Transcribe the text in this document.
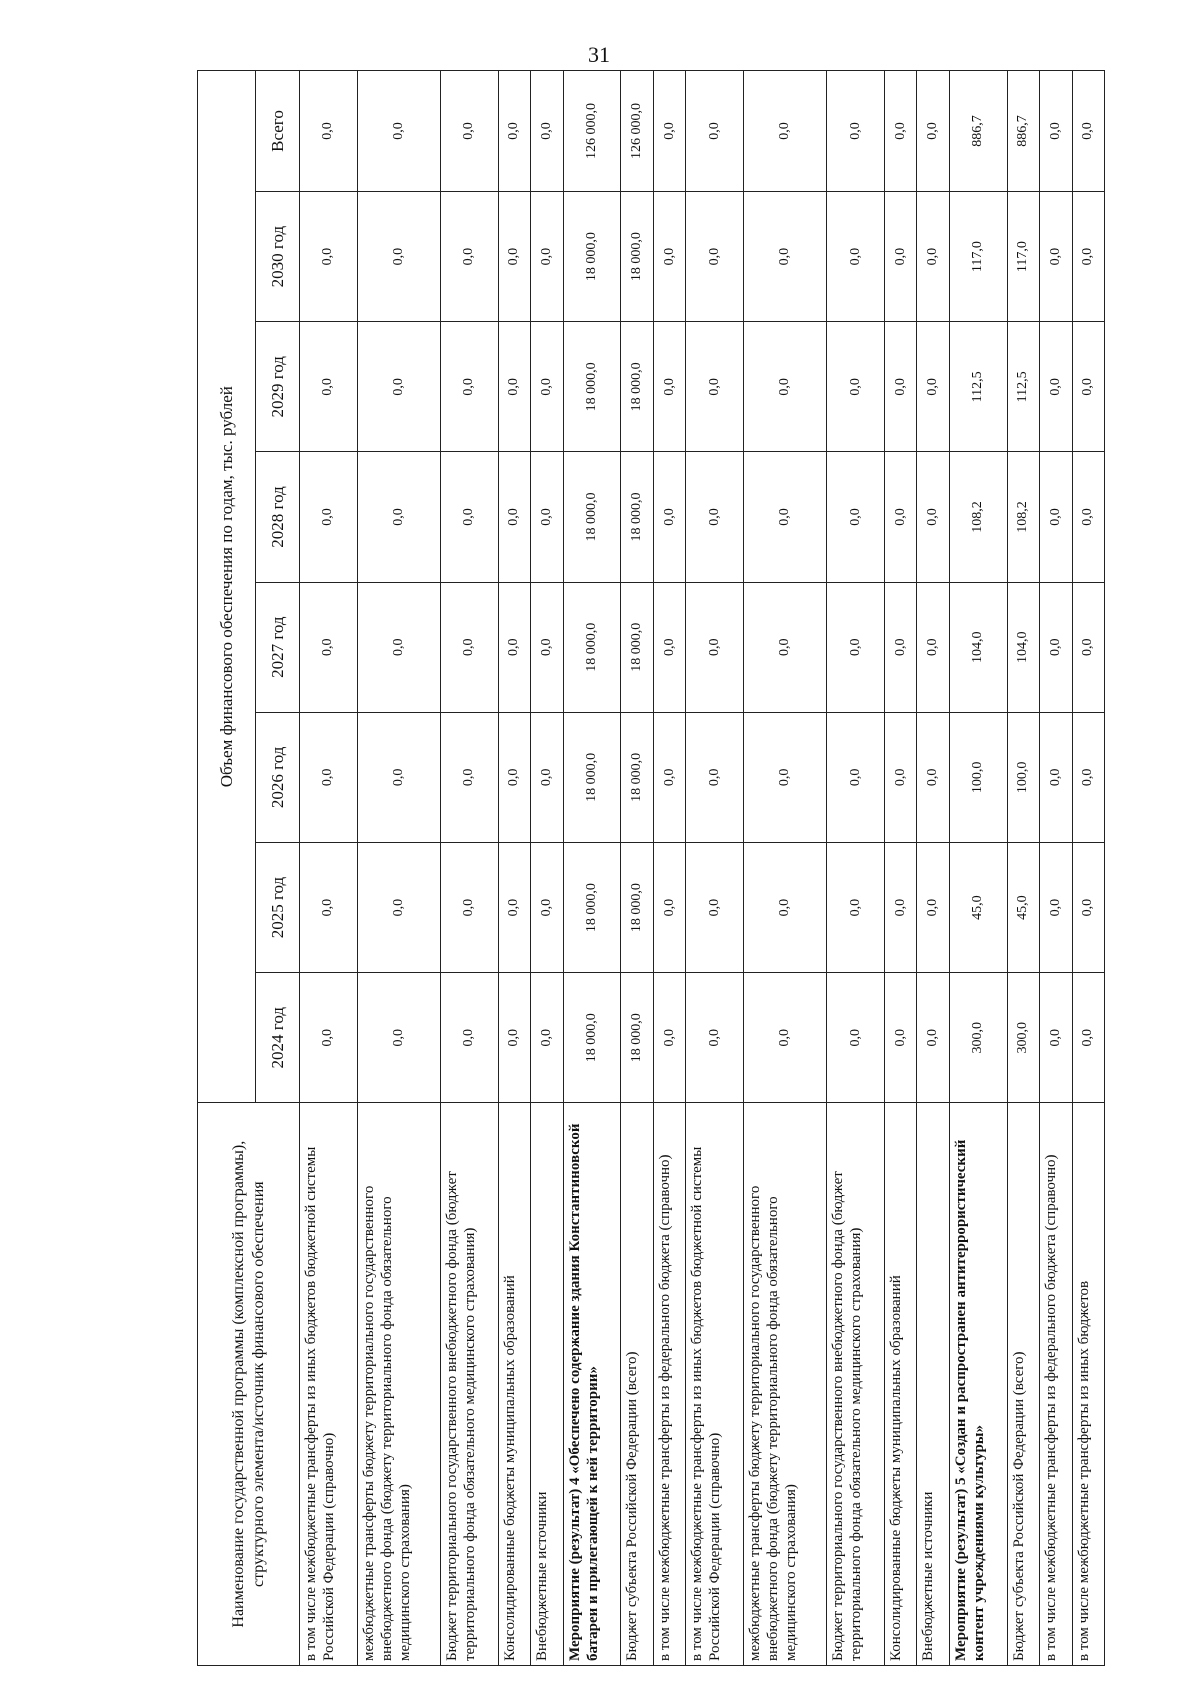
31
Наименование государственной программы (комплексной программы), структурного элемента/источник финансового обеспечения	Объем финансового обеспечения по годам, тыс. рублей							
	2024 год	2025 год	2026 год	2027 год	2028 год	2029 год	2030 год	Всего
в том числе межбюджетные трансферты из иных бюджетов бюджетной системы Российской Федерации (справочно)	0,0	0,0	0,0	0,0	0,0	0,0	0,0	0,0
межбюджетные трансферты бюджету территориального государственного внебюджетного фонда (бюджету территориального фонда обязательного медицинского страхования)	0,0	0,0	0,0	0,0	0,0	0,0	0,0	0,0
Бюджет территориального государственного внебюджетного фонда (бюджет территориального фонда обязательного медицинского страхования)	0,0	0,0	0,0	0,0	0,0	0,0	0,0	0,0
Консолидированные бюджеты муниципальных образований	0,0	0,0	0,0	0,0	0,0	0,0	0,0	0,0
Внебюджетные источники	0,0	0,0	0,0	0,0	0,0	0,0	0,0	0,0
Мероприятие (результат) 4 «Обеспечено содержание здания Константиновской батареи и прилегающей к ней территории»	18 000,0	18 000,0	18 000,0	18 000,0	18 000,0	18 000,0	18 000,0	126 000,0
Бюджет субъекта Российской Федерации (всего)	18 000,0	18 000,0	18 000,0	18 000,0	18 000,0	18 000,0	18 000,0	126 000,0
в том числе межбюджетные трансферты из федерального бюджета (справочно)	0,0	0,0	0,0	0,0	0,0	0,0	0,0	0,0
в том числе межбюджетные трансферты из иных бюджетов бюджетной системы Российской Федерации (справочно)	0,0	0,0	0,0	0,0	0,0	0,0	0,0	0,0
межбюджетные трансферты бюджету территориального государственного внебюджетного фонда (бюджету территориального фонда обязательного медицинского страхования)	0,0	0,0	0,0	0,0	0,0	0,0	0,0	0,0
Бюджет территориального государственного внебюджетного фонда (бюджет территориального фонда обязательного медицинского страхования)	0,0	0,0	0,0	0,0	0,0	0,0	0,0	0,0
Консолидированные бюджеты муниципальных образований	0,0	0,0	0,0	0,0	0,0	0,0	0,0	0,0
Внебюджетные источники	0,0	0,0	0,0	0,0	0,0	0,0	0,0	0,0
Мероприятие (результат) 5 «Создан и распространен антитеррористический контент учреждениями культуры»	300,0	45,0	100,0	104,0	108,2	112,5	117,0	886,7
Бюджет субъекта Российской Федерации (всего)	300,0	45,0	100,0	104,0	108,2	112,5	117,0	886,7
в том числе межбюджетные трансферты из федерального бюджета (справочно)	0,0	0,0	0,0	0,0	0,0	0,0	0,0	0,0
в том числе межбюджетные трансферты из иных бюджетов	0,0	0,0	0,0	0,0	0,0	0,0	0,0	0,0
